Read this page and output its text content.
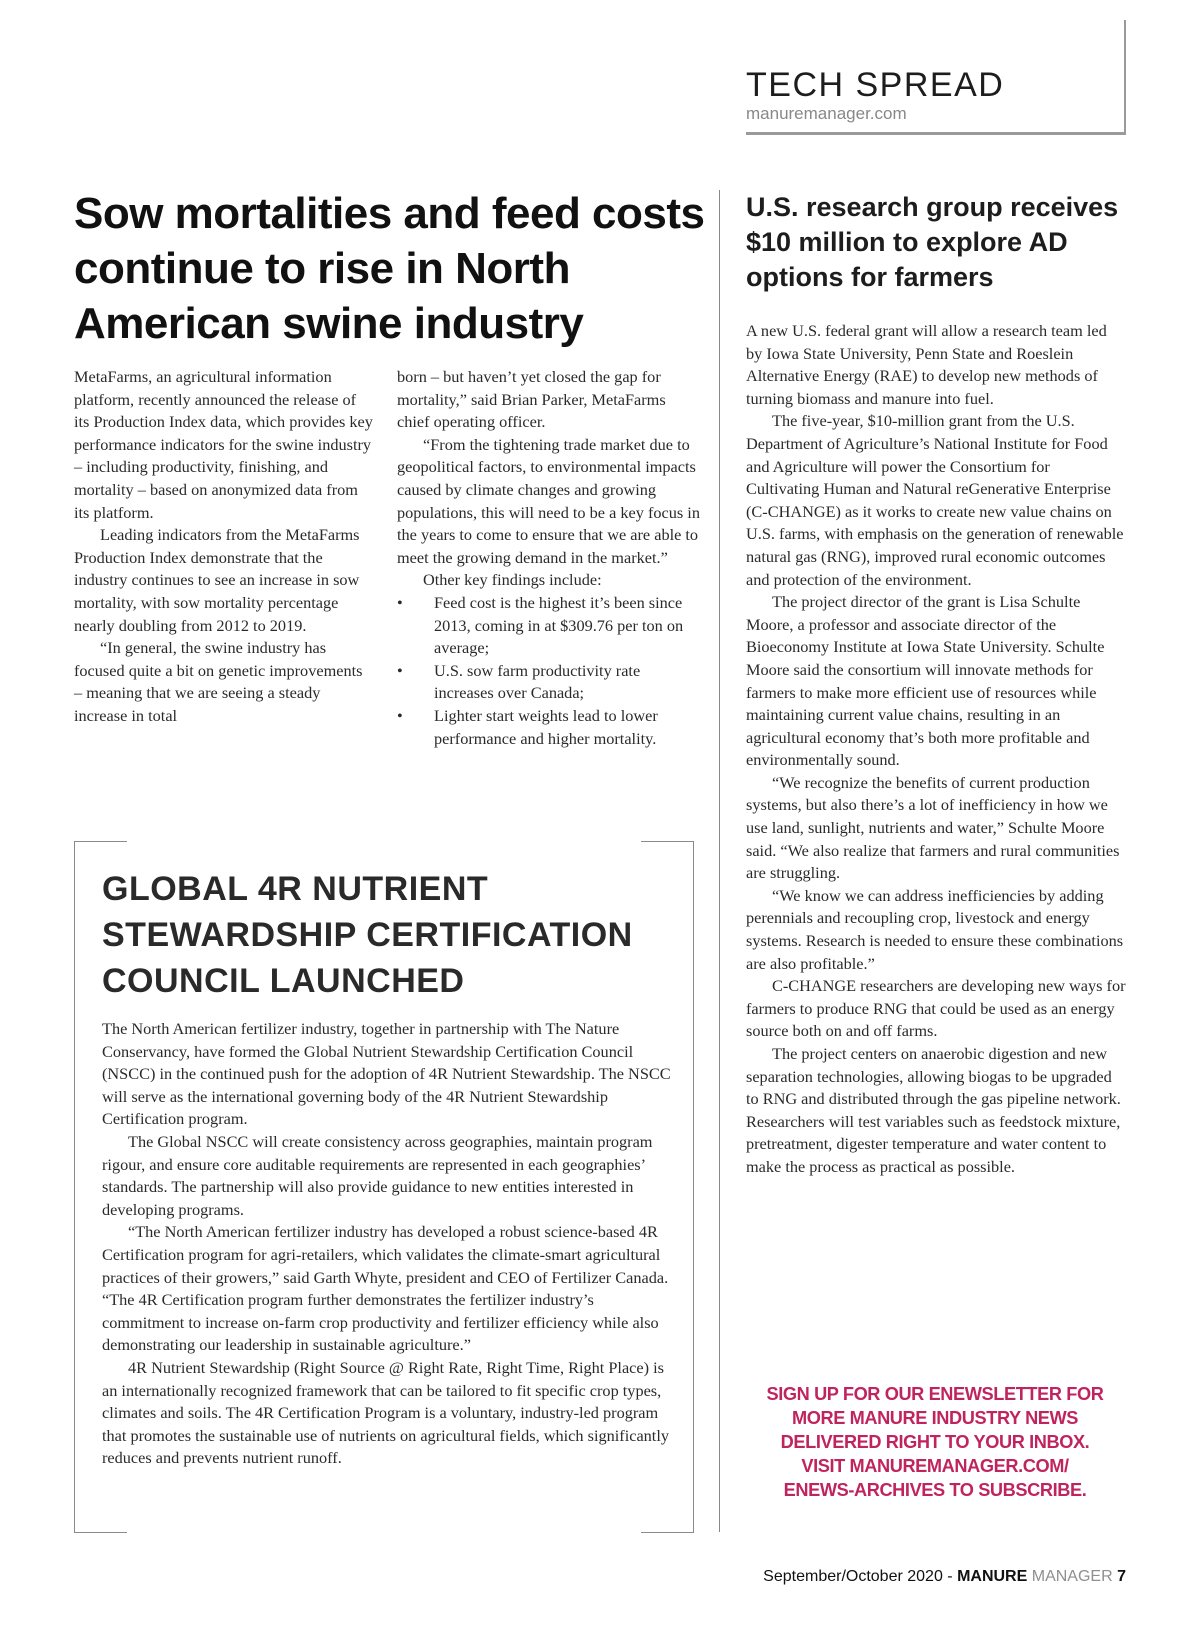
TECH SPREAD
manuremanager.com
Sow mortalities and feed costs continue to rise in North American swine industry

MetaFarms, an agricultural information platform, recently announced the release of its Production Index data, which provides key performance indicators for the swine industry – including productivity, finishing, and mortality – based on anonymized data from its platform.

Leading indicators from the MetaFarms Production Index demonstrate that the industry continues to see an increase in sow mortality, with sow mortality percentage nearly doubling from 2012 to 2019.

“In general, the swine industry has focused quite a bit on genetic improvements – meaning that we are seeing a steady increase in total

born – but haven’t yet closed the gap for mortality,” said Brian Parker, MetaFarms chief operating officer.

“From the tightening trade market due to geopolitical factors, to environmental impacts caused by climate changes and growing populations, this will need to be a key focus in the years to come to ensure that we are able to meet the growing demand in the market.”

Other key findings include:

• Feed cost is the highest it’s been since 2013, coming in at $309.76 per ton on average;
• U.S. sow farm productivity rate increases over Canada;
• Lighter start weights lead to lower performance and higher mortality.
GLOBAL 4R NUTRIENT STEWARDSHIP CERTIFICATION COUNCIL LAUNCHED

The North American fertilizer industry, together in partnership with The Nature Conservancy, have formed the Global Nutrient Stewardship Certification Council (NSCC) in the continued push for the adoption of 4R Nutrient Stewardship. The NSCC will serve as the international governing body of the 4R Nutrient Stewardship Certification program.

The Global NSCC will create consistency across geographies, maintain program rigour, and ensure core auditable requirements are represented in each geographies’ standards. The partnership will also provide guidance to new entities interested in developing programs.

“The North American fertilizer industry has developed a robust science-based 4R Certification program for agri-retailers, which validates the climate-smart agricultural practices of their growers,” said Garth Whyte, president and CEO of Fertilizer Canada. “The 4R Certification program further demonstrates the fertilizer industry’s commitment to increase on-farm crop productivity and fertilizer efficiency while also demonstrating our leadership in sustainable agriculture.”

4R Nutrient Stewardship (Right Source @ Right Rate, Right Time, Right Place) is an internationally recognized framework that can be tailored to fit specific crop types, climates and soils. The 4R Certification Program is a voluntary, industry-led program that promotes the sustainable use of nutrients on agricultural fields, which significantly reduces and prevents nutrient runoff.

U.S. research group receives $10 million to explore AD options for farmers

A new U.S. federal grant will allow a research team led by Iowa State University, Penn State and Roeslein Alternative Energy (RAE) to develop new methods of turning biomass and manure into fuel.

The five-year, $10-million grant from the U.S. Department of Agriculture’s National Institute for Food and Agriculture will power the Consortium for Cultivating Human and Natural reGenerative Enterprise (C-CHANGE) as it works to create new value chains on U.S. farms, with emphasis on the generation of renewable natural gas (RNG), improved rural economic outcomes and protection of the environment.

The project director of the grant is Lisa Schulte Moore, a professor and associate director of the Bioeconomy Institute at Iowa State University. Schulte Moore said the consortium will innovate methods for farmers to make more efficient use of resources while maintaining current value chains, resulting in an agricultural economy that’s both more profitable and environmentally sound.

“We recognize the benefits of current production systems, but also there’s a lot of inefficiency in how we use land, sunlight, nutrients and water,” Schulte Moore said. “We also realize that farmers and rural communities are struggling.

“We know we can address inefficiencies by adding perennials and recoupling crop, livestock and energy systems. Research is needed to ensure these combinations are also profitable.”

C-CHANGE researchers are developing new ways for farmers to produce RNG that could be used as an energy source both on and off farms.

The project centers on anaerobic digestion and new separation technologies, allowing biogas to be upgraded to RNG and distributed through the gas pipeline network. Researchers will test variables such as feedstock mixture, pretreatment, digester temperature and water content to make the process as practical as possible.

SIGN UP FOR OUR ENEWSLETTER FOR
MORE MANURE INDUSTRY NEWS
DELIVERED RIGHT TO YOUR INBOX.
VISIT MANUREMANAGER.COM/
ENEWS-ARCHIVES TO SUBSCRIBE.
September/October 2020 - MANURE MANAGER 7
